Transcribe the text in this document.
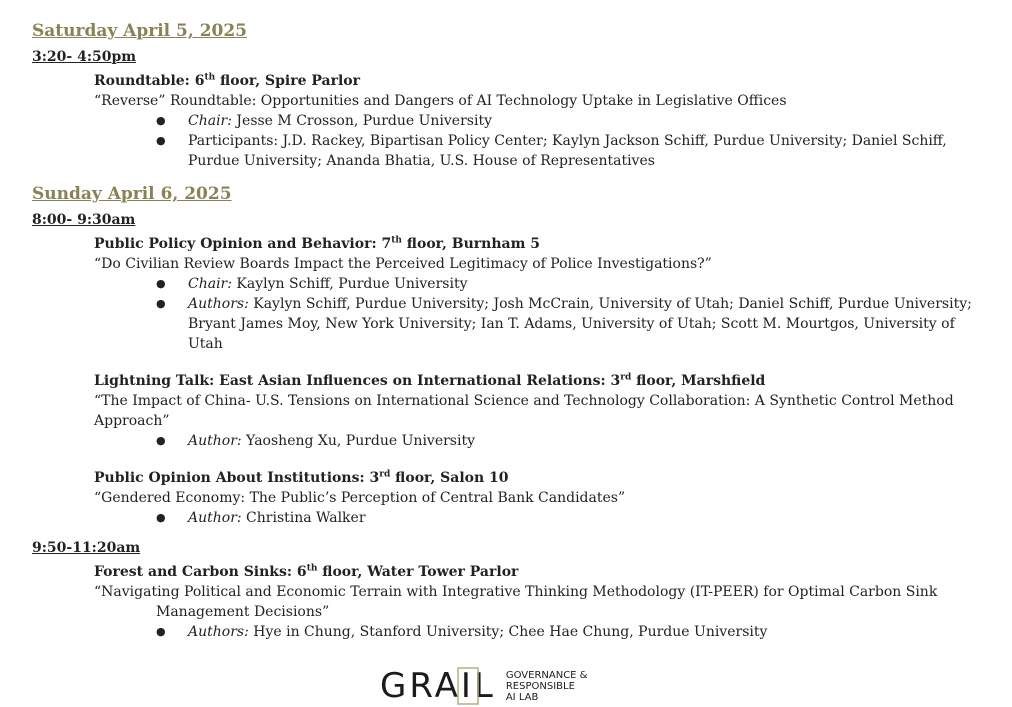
Saturday April 5, 2025
3:20- 4:50pm
Roundtable: 6th floor, Spire Parlor
“Reverse” Roundtable: Opportunities and Dangers of AI Technology Uptake in Legislative Offices
● Chair: Jesse M Crosson, Purdue University
● Participants: J.D. Rackey, Bipartisan Policy Center; Kaylyn Jackson Schiff, Purdue University; Daniel Schiff, Purdue University; Ananda Bhatia, U.S. House of Representatives
Sunday April 6, 2025
8:00- 9:30am
Public Policy Opinion and Behavior: 7th floor, Burnham 5
“Do Civilian Review Boards Impact the Perceived Legitimacy of Police Investigations?”
● Chair: Kaylyn Schiff, Purdue University
● Authors: Kaylyn Schiff, Purdue University; Josh McCrain, University of Utah; Daniel Schiff, Purdue University; Bryant James Moy, New York University; Ian T. Adams, University of Utah; Scott M. Mourtgos, University of Utah
Lightning Talk: East Asian Influences on International Relations: 3rd floor, Marshfield
“The Impact of China- U.S. Tensions on International Science and Technology Collaboration: A Synthetic Control Method Approach”
● Author: Yaosheng Xu, Purdue University
Public Opinion About Institutions: 3rd floor, Salon 10
“Gendered Economy: The Public’s Perception of Central Bank Candidates”
● Author: Christina Walker
9:50-11:20am
Forest and Carbon Sinks: 6th floor, Water Tower Parlor
“Navigating Political and Economic Terrain with Integrative Thinking Methodology (IT-PEER) for Optimal Carbon Sink Management Decisions”
● Authors: Hye in Chung, Stanford University; Chee Hae Chung, Purdue University
GRA
IL GOVERNANCE &
RESPONSIBLE
AI LAB
